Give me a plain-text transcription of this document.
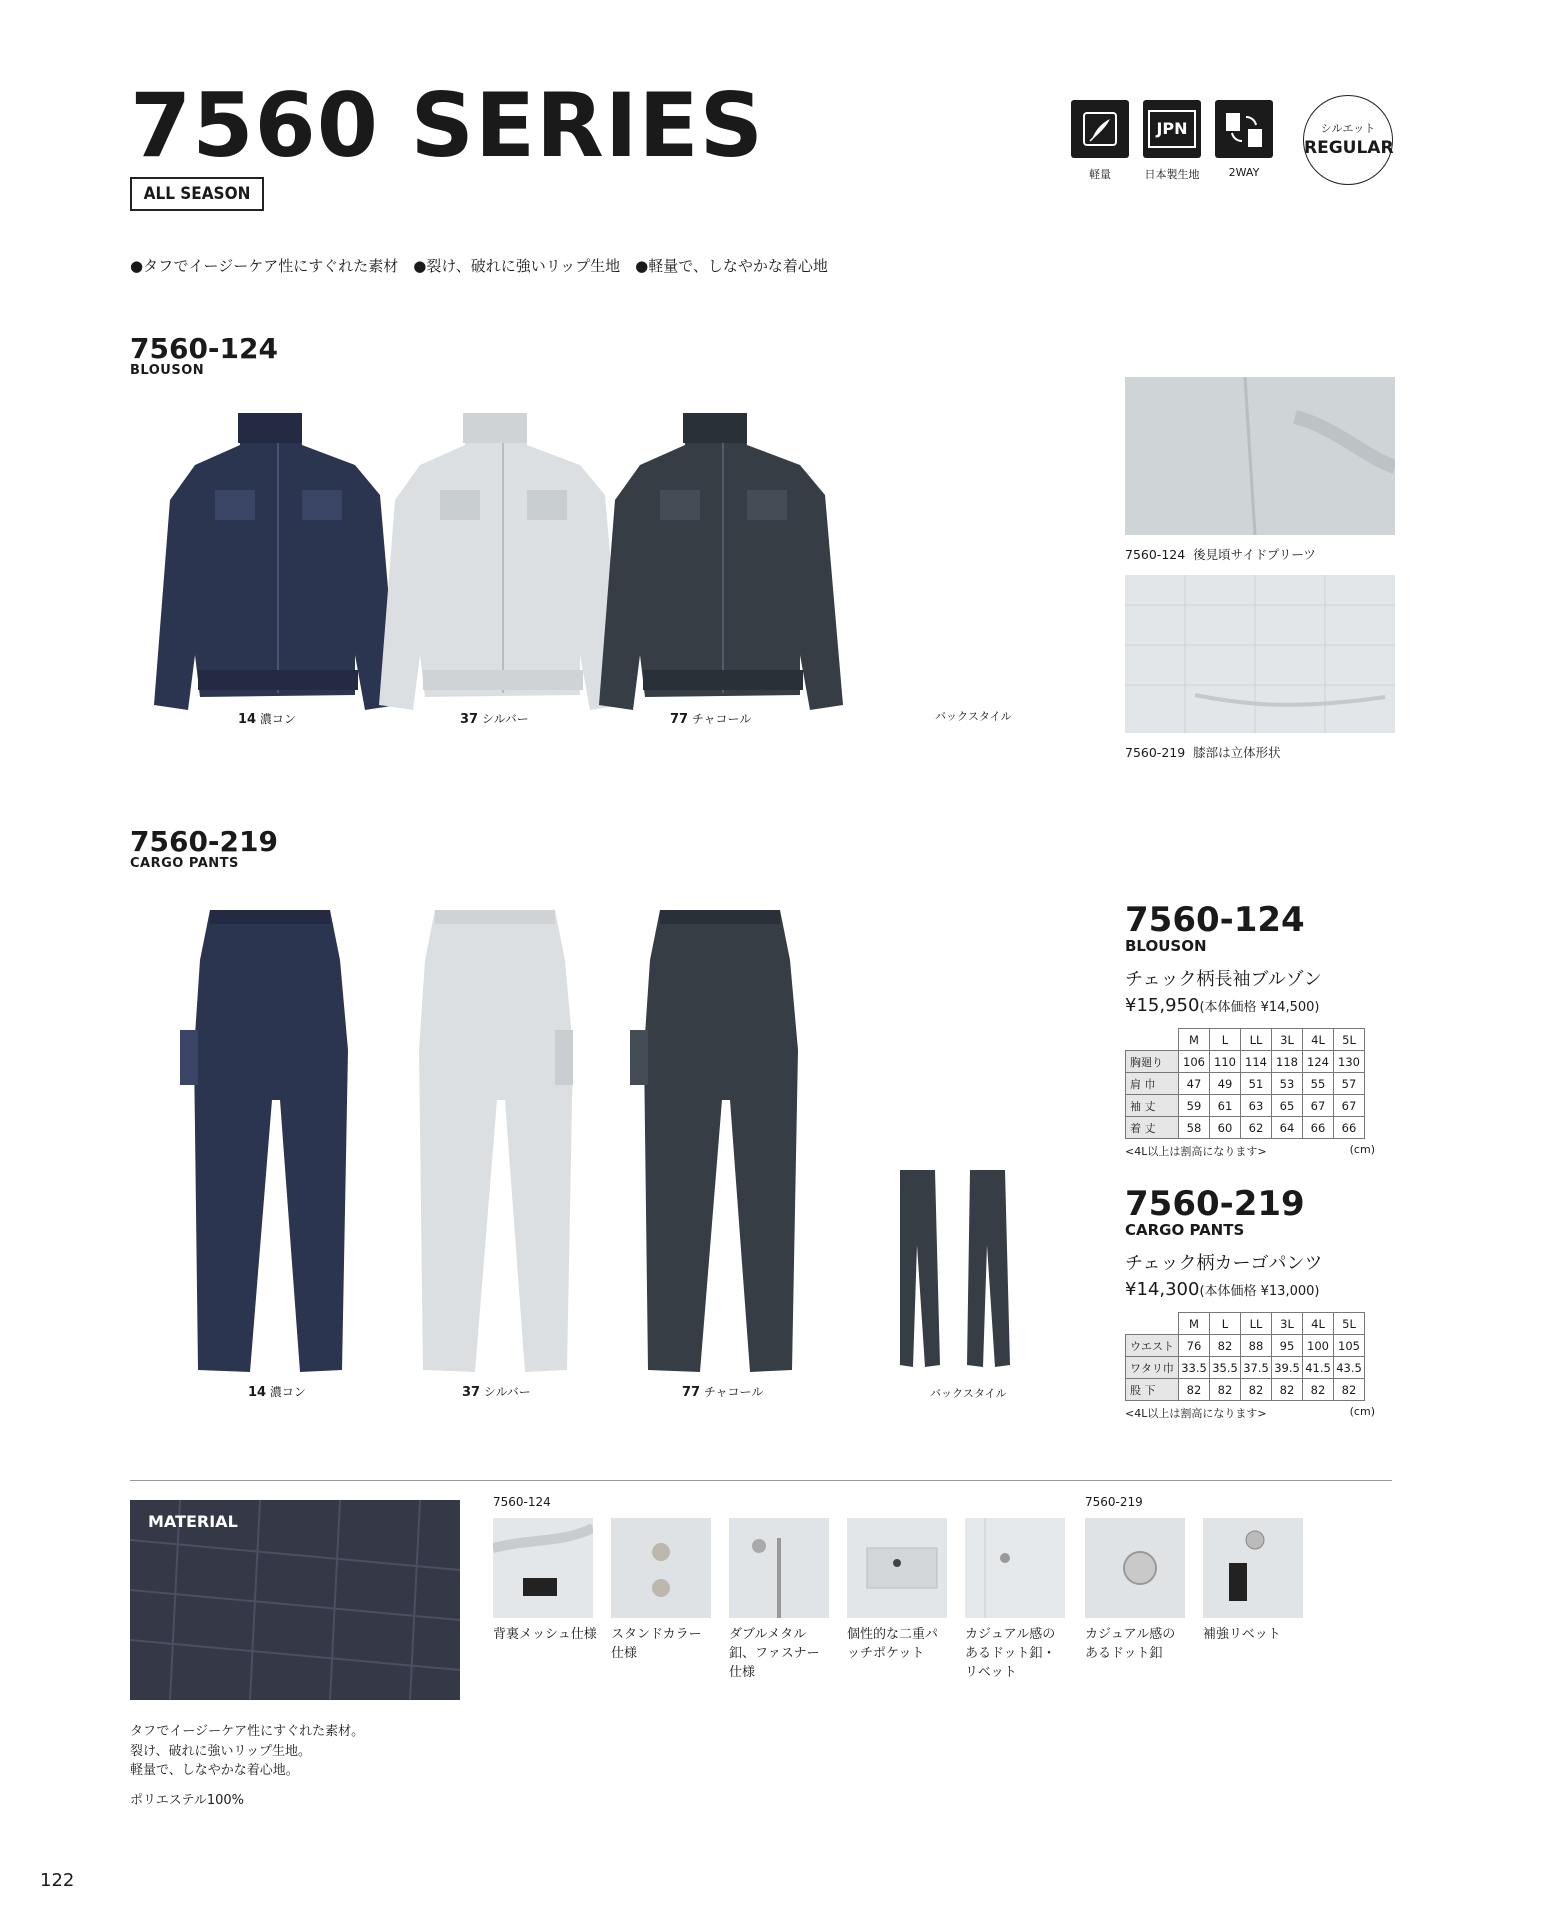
7560 SERIES
ALL SEASON
軽量
JPN
日本製生地	2WAY
シルエット
REGULAR
●タフでイージーケア性にすぐれた素材　●裂け、破れに強いリップ生地　●軽量で、しなやかな着心地
7560-124
BLOUSON
14 濃コン	37 シルバー	77 チャコール	バックスタイル
7560-124 後見頃サイドプリーツ
7560-219 膝部は立体形状
7560-219
CARGO PANTS
14 濃コン	37 シルバー	77 チャコール	バックスタイル
7560-124
BLOUSON
チェック柄長袖ブルゾン
¥15,950(本体価格 ¥14,500)
	M	L	LL	3L	4L	5L
胸廻り	106	110	114	118	124	130
肩 巾	47	49	51	53	55	57
袖 丈	59	61	63	65	67	67
着 丈	58	60	62	64	66	66
<4L以上は割高になります>	(cm)
7560-219
CARGO PANTS
チェック柄カーゴパンツ
¥14,300(本体価格 ¥13,000)
	M	L	LL	3L	4L	5L
ウエスト	76	82	88	95	100	105
ワタリ巾	33.5	35.5	37.5	39.5	41.5	43.5
股 下	82	82	82	82	82	82
<4L以上は割高になります>	(cm)
MATERIAL
タフでイージーケア性にすぐれた素材。
裂け、破れに強いリップ生地。
軽量で、しなやかな着心地。
ポリエステル100%
7560-124	7560-219
背裏メッシュ仕様	スタンドカラー仕様
ダブルメタル釦、ファスナー仕様
個性的な二重パッチポケット
カジュアル感のあるドット釦・リベット
カジュアル感のあるドット釦
補強リベット
122
